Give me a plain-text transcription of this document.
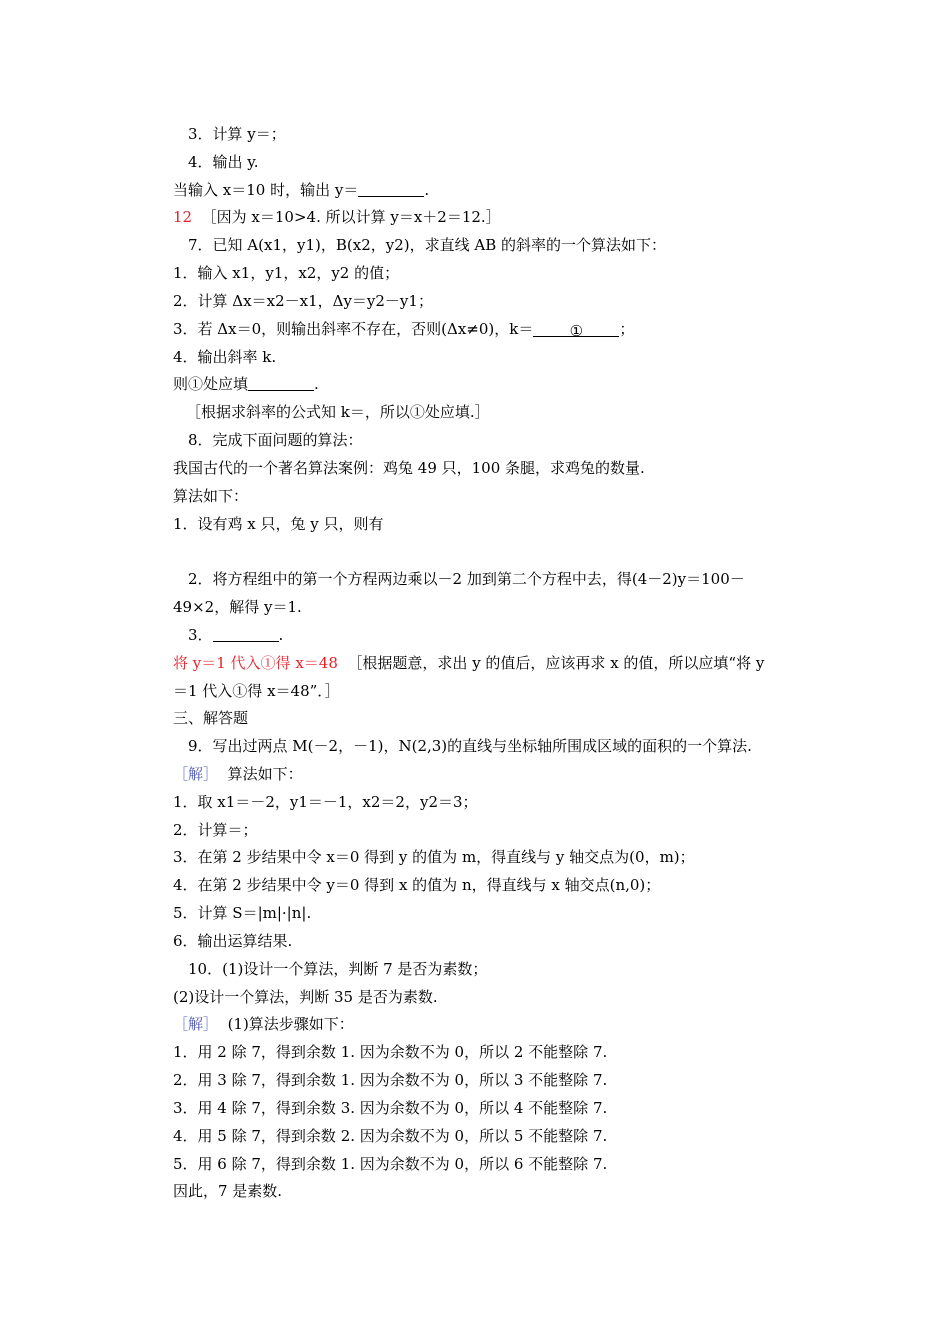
3．计算 y＝；

4．输出 y.

当输入 x＝10 时，输出 y＝	.

12 ［因为 x＝10>4. 所以计算 y＝x＋2＝12.］

7．已知 A(x1，y1)，B(x2，y2)，求直线 AB 的斜率的一个算法如下：

1．输入 x1，y1，x2，y2 的值；

2．计算 Δx＝x2－x1，Δy＝y2－y1；

3．若 Δx＝0，则输出斜率不存在，否则(Δx≠0)，k＝ ① ；

4．输出斜率 k.

则①处应填	.

［根据求斜率的公式知 k＝，所以①处应填.］

8．完成下面问题的算法：

我国古代的一个著名算法案例：鸡兔 49 只，100 条腿，求鸡兔的数量.

算法如下：

1．设有鸡 x 只，兔 y 只，则有

2．将方程组中的第一个方程两边乘以－2 加到第二个方程中去，得(4－2)y＝100－

49×2，解得 y＝1.

3．	.

将 y＝1 代入①得 x＝48 ［根据题意，求出 y 的值后，应该再求 x 的值，所以应填“将 y

＝1 代入①得 x＝48”．］

三、解答题

9．写出过两点 M(－2，－1)，N(2,3)的直线与坐标轴所围成区域的面积的一个算法.

［解］ 算法如下：

1．取 x1＝－2，y1＝－1，x2＝2，y2＝3；

2．计算＝；

3．在第 2 步结果中令 x＝0 得到 y 的值为 m，得直线与 y 轴交点为(0，m)；

4．在第 2 步结果中令 y＝0 得到 x 的值为 n，得直线与 x 轴交点(n,0)；

5．计算 S＝|m|·|n|.

6．输出运算结果.

10．(1)设计一个算法，判断 7 是否为素数；

(2)设计一个算法，判断 35 是否为素数.

［解］ (1)算法步骤如下：

1．用 2 除 7，得到余数 1. 因为余数不为 0，所以 2 不能整除 7.

2．用 3 除 7，得到余数 1. 因为余数不为 0，所以 3 不能整除 7.

3．用 4 除 7，得到余数 3. 因为余数不为 0，所以 4 不能整除 7.

4．用 5 除 7，得到余数 2. 因为余数不为 0，所以 5 不能整除 7.

5．用 6 除 7，得到余数 1. 因为余数不为 0，所以 6 不能整除 7.

因此，7 是素数.
